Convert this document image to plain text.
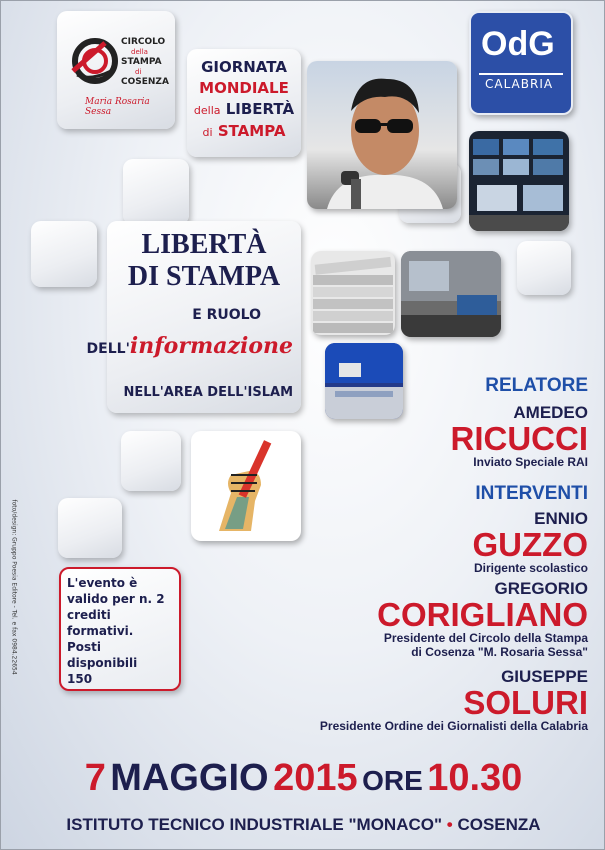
CIRCOLO
della
STAMPA
di
COSENZA
Maria Rosaria Sessa
GIORNATA
MONDIALE
della LIBERTÀ
di STAMPA
OdG
CALABRIA
LIBERTÀ
DI STAMPA
E RUOLO
DELL'informazione
NELL'AREA DELL'ISLAM
foto/design: Gruppo Poesia Editore - Tel. e fax 0984.22654	L'evento è
valido per n. 2
crediti formativi.
Posti disponibili
150
RELATORE
AMEDEO
RICUCCI
Inviato Speciale RAI
INTERVENTI
ENNIO
GUZZO
Dirigente scolastico
GREGORIO
CORIGLIANO
Presidente del Circolo della Stampa
di Cosenza "M. Rosaria Sessa"
GIUSEPPE
SOLURI
Presidente Ordine dei Giornalisti della Calabria
7 MAGGIO 2015 ORE 10.30
ISTITUTO TECNICO INDUSTRIALE "MONACO" • COSENZA
